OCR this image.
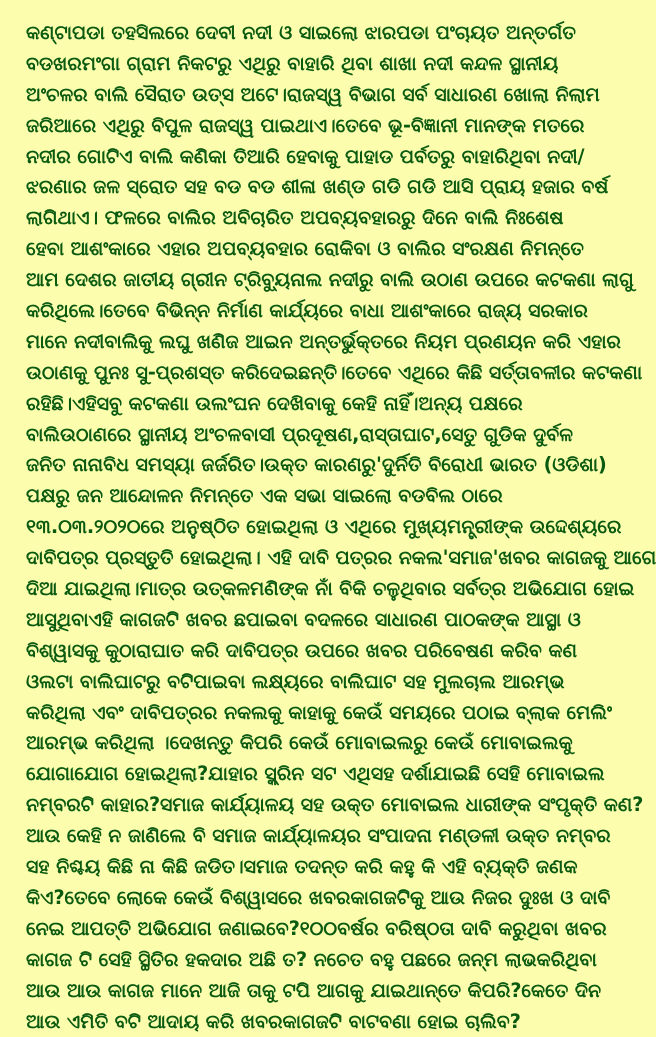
କଣ୍ଟାପଡା ତହସିଲରେ ଦେବୀ ନଦୀ ଓ ସାଇଲୋ ଝାରପଡା ପଂଚାୟତ ଅନ୍ତର୍ଗତ
ବଡଖରମଂଗା ଗ୍ରାମ ନିକଟରୁ ଏଥିରୁ ବାହାରି ଥିବା ଶାଖା ନଦୀ କନ୍ଦଳ ସ୍ଥାନୀୟ
ଅଂଚଳର ବାଲି ସୈରାତ ଉତ୍ସ ଅଟେ।ରାଜସ୍ୱ ବିଭାଗ ସର୍ବ ସାଧାରଣ ଖୋଲା ନିଲାମ
ଜରିଆରେ ଏଥିରୁ ବିପୁଳ ରାଜସ୍ୱ ପାଇଥାଏ।ତେବେ ଭୂ-ବିଜ୍ଞାନୀ ମାନଙ୍କ ମତରେ
ନଦୀର ଗୋଟିଏ ବାଲି କଣିକା ତିଆରି ହେବାକୁ ପାହାଡ ପର୍ବତରୁ ବାହାରିଥିବା ନଦୀ/
ଝରଣାର ଜଳ ସ୍ରୋତ ସହ ବଡ ବଡ ଶୀଳା ଖଣ୍ଡ ଗଡି ଗଡି ଆସି ପ୍ରାୟ ହଜାର ବର୍ଷ
ଲାଗିଥାଏ। ଫଳରେ ବାଲିର ଅବିଚାରିତ ଅପବ୍ୟବହାରରୁ ଦିନେ ବାଲି ନିଃଶେଷ
ହେବା ଆଶଂକାରେ ଏହାର ଅପବ୍ୟବହାର ରୋକିବା ଓ ବାଲିର ସଂରକ୍ଷଣ ନିମନ୍ତେ
ଆମ ଦେଶର ଜାତୀୟ ଗ୍ରୀନ ଟ୍ରିବ୍ୟୁନାଲ ନଦୀରୁ ବାଲି ଉଠାଣ ଉପରେ କଟକଣା ଲାଗୁ
କରିଥିଲେ।ତେବେ ବିଭିନ୍ନ ନିର୍ମାଣ କାର୍ଯ୍ୟରେ ବାଧା ଆଶଂକାରେ ରାଜ୍ୟ ସରକାର
ମାନେ ନଦୀବାଲିକୁ ଲଘୁ ଖଣିଜ ଆଇନ ଅନ୍ତର୍ଭୁକ୍ତରେ ନିୟମ ପ୍ରଣୟନ କରି ଏହାର
ଉଠାଣକୁ ପୁନଃ ସୁ-ପ୍ରଶସ୍ତ କରିଦେଇଛନ୍ତି।ତେବେ ଏଥିରେ କିଛି ସର୍ତ୍ତାବଳୀର କଟକଣା
ରହିଛି।ଏହିସବୁ କଟକଣା ଉଲଂଘନ ଦେଖିବାକୁ କେହି ନାହିଁ।ଅନ୍ୟ ପକ୍ଷରେ
ବାଲିଉଠାଣରେ ସ୍ଥାନୀୟ ଅଂଚଳବାସୀ ପ୍ରଦୂଷଣ,ରାସ୍ତାଘାଟ,ସେତୁ ଗୁଡିକ ଦୁର୍ବଳ
ଜନିତ ନାନାବିଧ ସମସ୍ୟା ଜର୍ଜରିତ।ଉକ୍ତ କାରଣରୁ'ଦୁର୍ନିତି ବିରୋଧୀ ଭାରତ (ଓଡିଶା)
ପକ୍ଷରୁ ଜନ ଆନ୍ଦୋଳନ ନିମନ୍ତେ ଏକ ସଭା ସାଇଲୋ ବଡବିଲ ଠାରେ
୧୩.୦୩.୨୦୨୦ରେ ଅନୁଷ୍ଠିତ ହୋଇଥିଲା ଓ ଏଥିରେ ମୁଖ୍ୟମନ୍ତ୍ରୀଙ୍କ ଉଦ୍ଦେଶ୍ୟରେ
ଦାବିପତ୍ର ପ୍ରସ୍ତୁତି ହୋଇଥିଲା। ଏହି ଦାବି ପତ୍ରର ନକଲ'ସମାଜ'ଖବର କାଗଜକୁ ଆଗେ
ଦିଆ ଯାଇଥିଲା।ମାତ୍ର ଉତ୍କଳମଣିଙ୍କ ନାଁ ବିକି ଚଳୁଥିବାର ସର୍ବତ୍ର ଅଭିଯୋଗ ହୋଇ
ଆସୁଥିବାଏହି କାଗଜଟି ଖବର ଛପାଇବା ବଦଳରେ ସାଧାରଣ ପାଠକଙ୍କ ଆସ୍ଥା ଓ
ବିଶ୍ୱାସକୁ କୁଠାରାଘାତ କରି ଦାବିପତ୍ର ଉପରେ ଖବର ପରିବେଷଣ କରିବ କଣ
ଓଲଟା ବାଲିଘାଟରୁ ବଟିପାଇବା ଲକ୍ଷ୍ୟରେ ବାଲିଘାଟ ସହ ମୁଲଚାଲ ଆରମ୍ଭ
କରିଥିଲା ଏବଂ ଦାବିପତ୍ରର ନକଲକୁ କାହାକୁ କେଉଁ ସମୟରେ ପଠାଇ ବ୍ଲାକ ମେଲିଂ
ଆରମ୍ଭ କରିଥିଲା ।ଦେଖନ୍ତୁ କିପରି କେଉଁ ମୋବାଇଲରୁ କେଉଁ ମୋବାଇଲକୁ
ଯୋଗାଯୋଗ ହୋଇଥିଲା?ଯାହାର ସ୍କ୍ରିନ ସଟ ଏଥିସହ ଦର୍ଶାଯାଇଛି ସେହି ମୋବାଇଲ
ନମ୍ବରଟି କାହାର?ସମାଜ କାର୍ଯ୍ୟାଳୟ ସହ ଉକ୍ତ ମୋବାଇଲ ଧାରୀଙ୍କ ସଂପୃକ୍ତି କଣ?
ଆଉ କେହି ନ ଜାଣିଲେ ବି ସମାଜ କାର୍ଯ୍ୟାଳୟର ସଂପାଦନା ମଣ୍ଡଳୀ ଉକ୍ତ ନମ୍ବର
ସହ ନିଶ୍ଚୟ କିଛି ନା କିଛି ଜଡିତ।ସମାଜ ତଦନ୍ତ କରି କହୁ କି ଏହି ବ୍ୟକ୍ତି ଜଣକ
କିଏ?ତେବେ ଲୋକେ କେଉଁ ବିଶ୍ୱାସରେ ଖବରକାଗଜଟିକୁ ଆଉ ନିଜର ଦୁଃଖ ଓ ଦାବି
ନେଇ ଆପତ୍ତି ଅଭିଯୋଗ ଜଣାଇବେ?୧୦୦ବର୍ଷର ବରିଷ୍ଠତା ଦାବି କରୁଥିବା ଖବର
କାଗଜ ଟି ସେହି ସ୍ଥିତିର ହକଦାର ଅଛି ତ? ନଚେତ ବହୁ ପଛରେ ଜନ୍ମ ଲାଭକରିଥିବା
ଆଉ ଆଉ କାଗଜ ମାନେ ଆଜି ତାକୁ ଟପି ଆଗକୁ ଯାଇଥାନ୍ତେ କିପରି?କେତେ ଦିନ
ଆଉ ଏମିତି ବଟି ଆଦାୟ କରି ଖବରକାଗଜଟି ବାଟବଣା ହୋଇ ଚାଲିବ?
